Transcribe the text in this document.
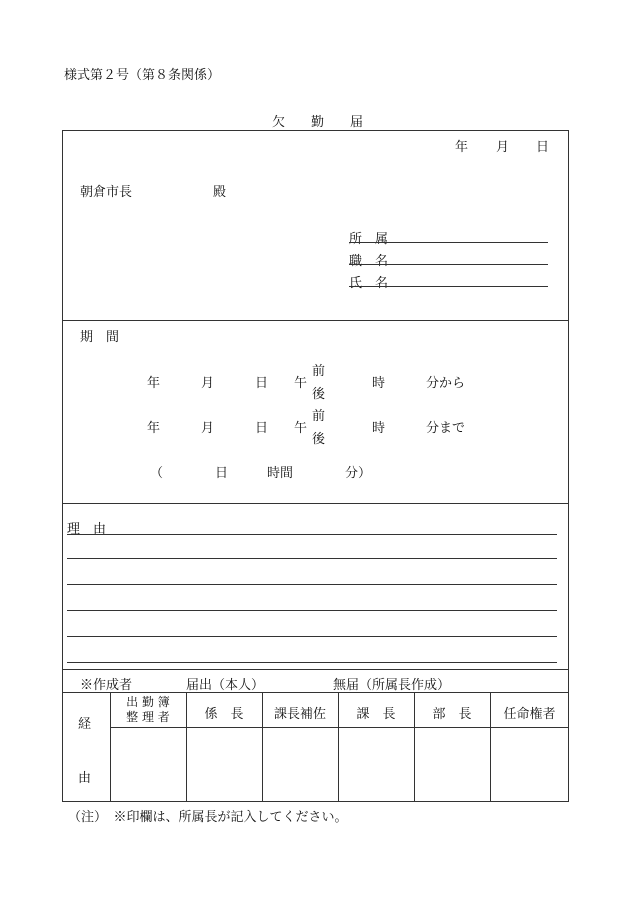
様式第２号（第８条関係）
欠　　勤　　届
年 月 日
朝倉市長	殿
所　属
職　名
氏　名
期　間
年	月	日 午
前
後
時	分から
年	月	日 午
前
後
時	分まで
（	日	時間	分）
理　由
※作成者	届出（本人）	無届（所属長作成）
経
由
出 勤 簿
整 理 者	係　長	課長補佐	課　長	部　長	任命権者
（注）　※印欄は、所属長が記入してください。
